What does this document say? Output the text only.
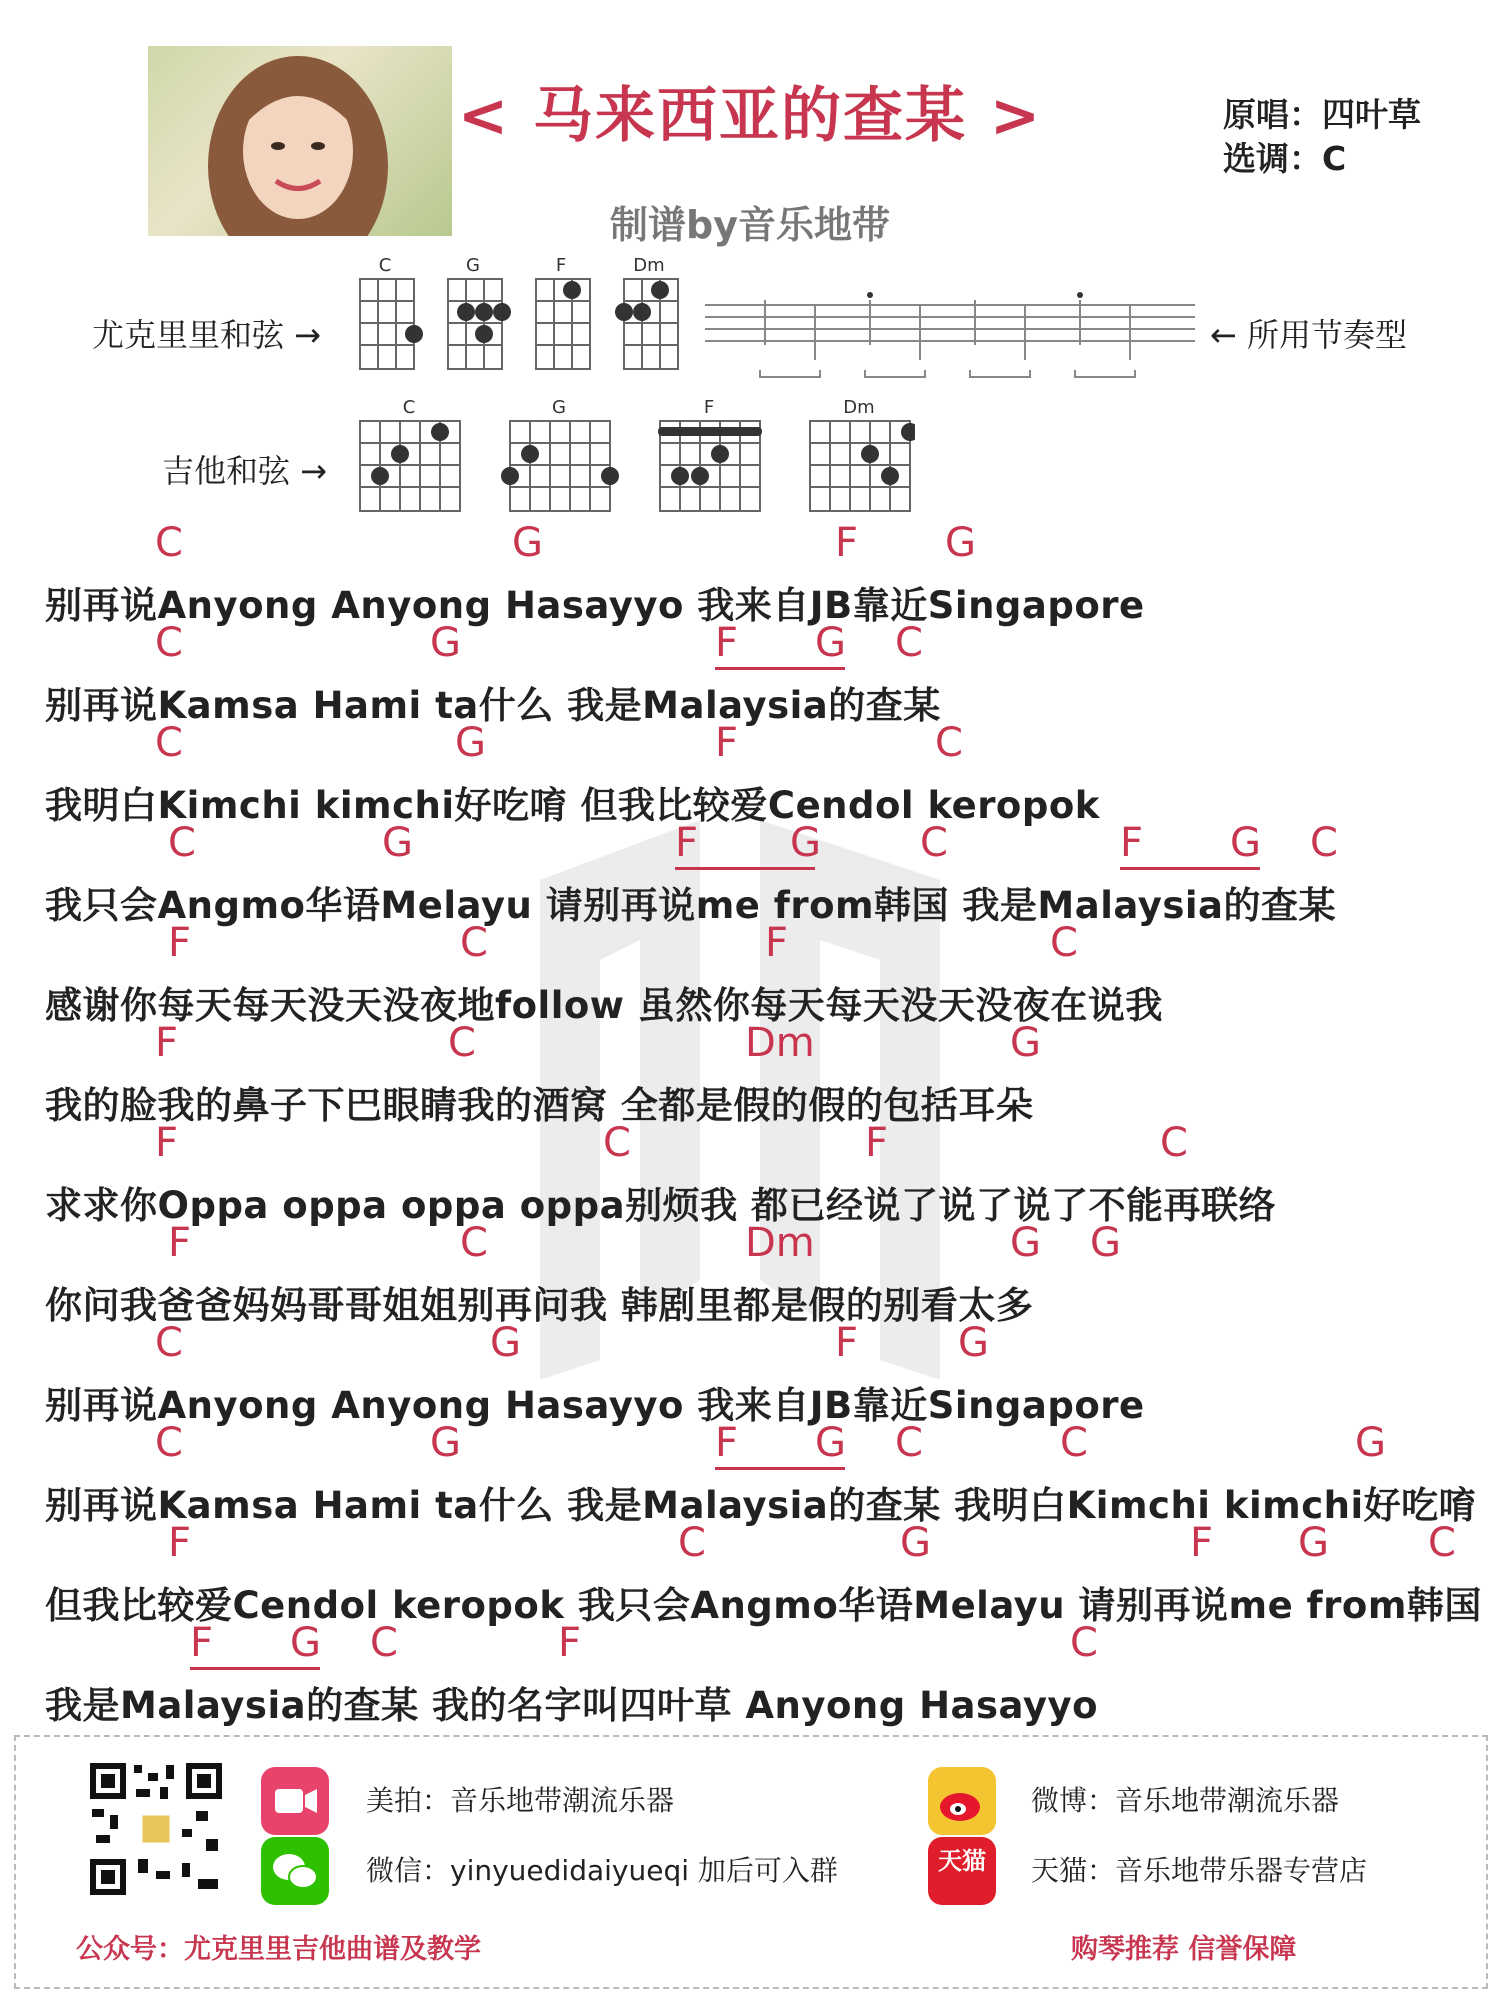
< 马来西亚的查某 >	原唱：四叶草
选调：C
制谱by音乐地带
尤克里里和弦 →
C	G	F	Dm
← 所用节奏型
吉他和弦 →
C	G	F	Dm
C	G	F G
别再说Anyong Anyong Hasayyo 我来自JB靠近Singapore
C	G	F G C
别再说Kamsa Hami ta什么 我是Malaysia的查某
C	G	F	C
我明白Kimchi kimchi好吃唷 但我比较爱Cendol keropok
C	G	F G C	F G C
我只会Angmo华语Melayu 请别再说me from韩国 我是Malaysia的查某
F	C	F	C
感谢你每天每天没天没夜地follow 虽然你每天每天没天没夜在说我
F	C	Dm	G
我的脸我的鼻子下巴眼睛我的酒窝 全都是假的假的包括耳朵
F	C	F	C
求求你Oppa oppa oppa oppa别烦我 都已经说了说了说了不能再联络
F	C	Dm	G G
你问我爸爸妈妈哥哥姐姐别再问我 韩剧里都是假的别看太多
C	G	F G
别再说Anyong Anyong Hasayyo 我来自JB靠近Singapore
C	G	F G C	C	G
别再说Kamsa Hami ta什么 我是Malaysia的查某 我明白Kimchi kimchi好吃唷
F	C	G	F G C
但我比较爱Cendol keropok 我只会Angmo华语Melayu 请别再说me from韩国
F G C	F	C
我是Malaysia的查某 我的名字叫四叶草 Anyong Hasayyo
美拍：音乐地带潮流乐器
微信：yinyuedidaiyueqi 加后可入群
微博：音乐地带潮流乐器
天猫	天猫：音乐地带乐器专营店
公众号：尤克里里吉他曲谱及教学	购琴推荐 信誉保障
